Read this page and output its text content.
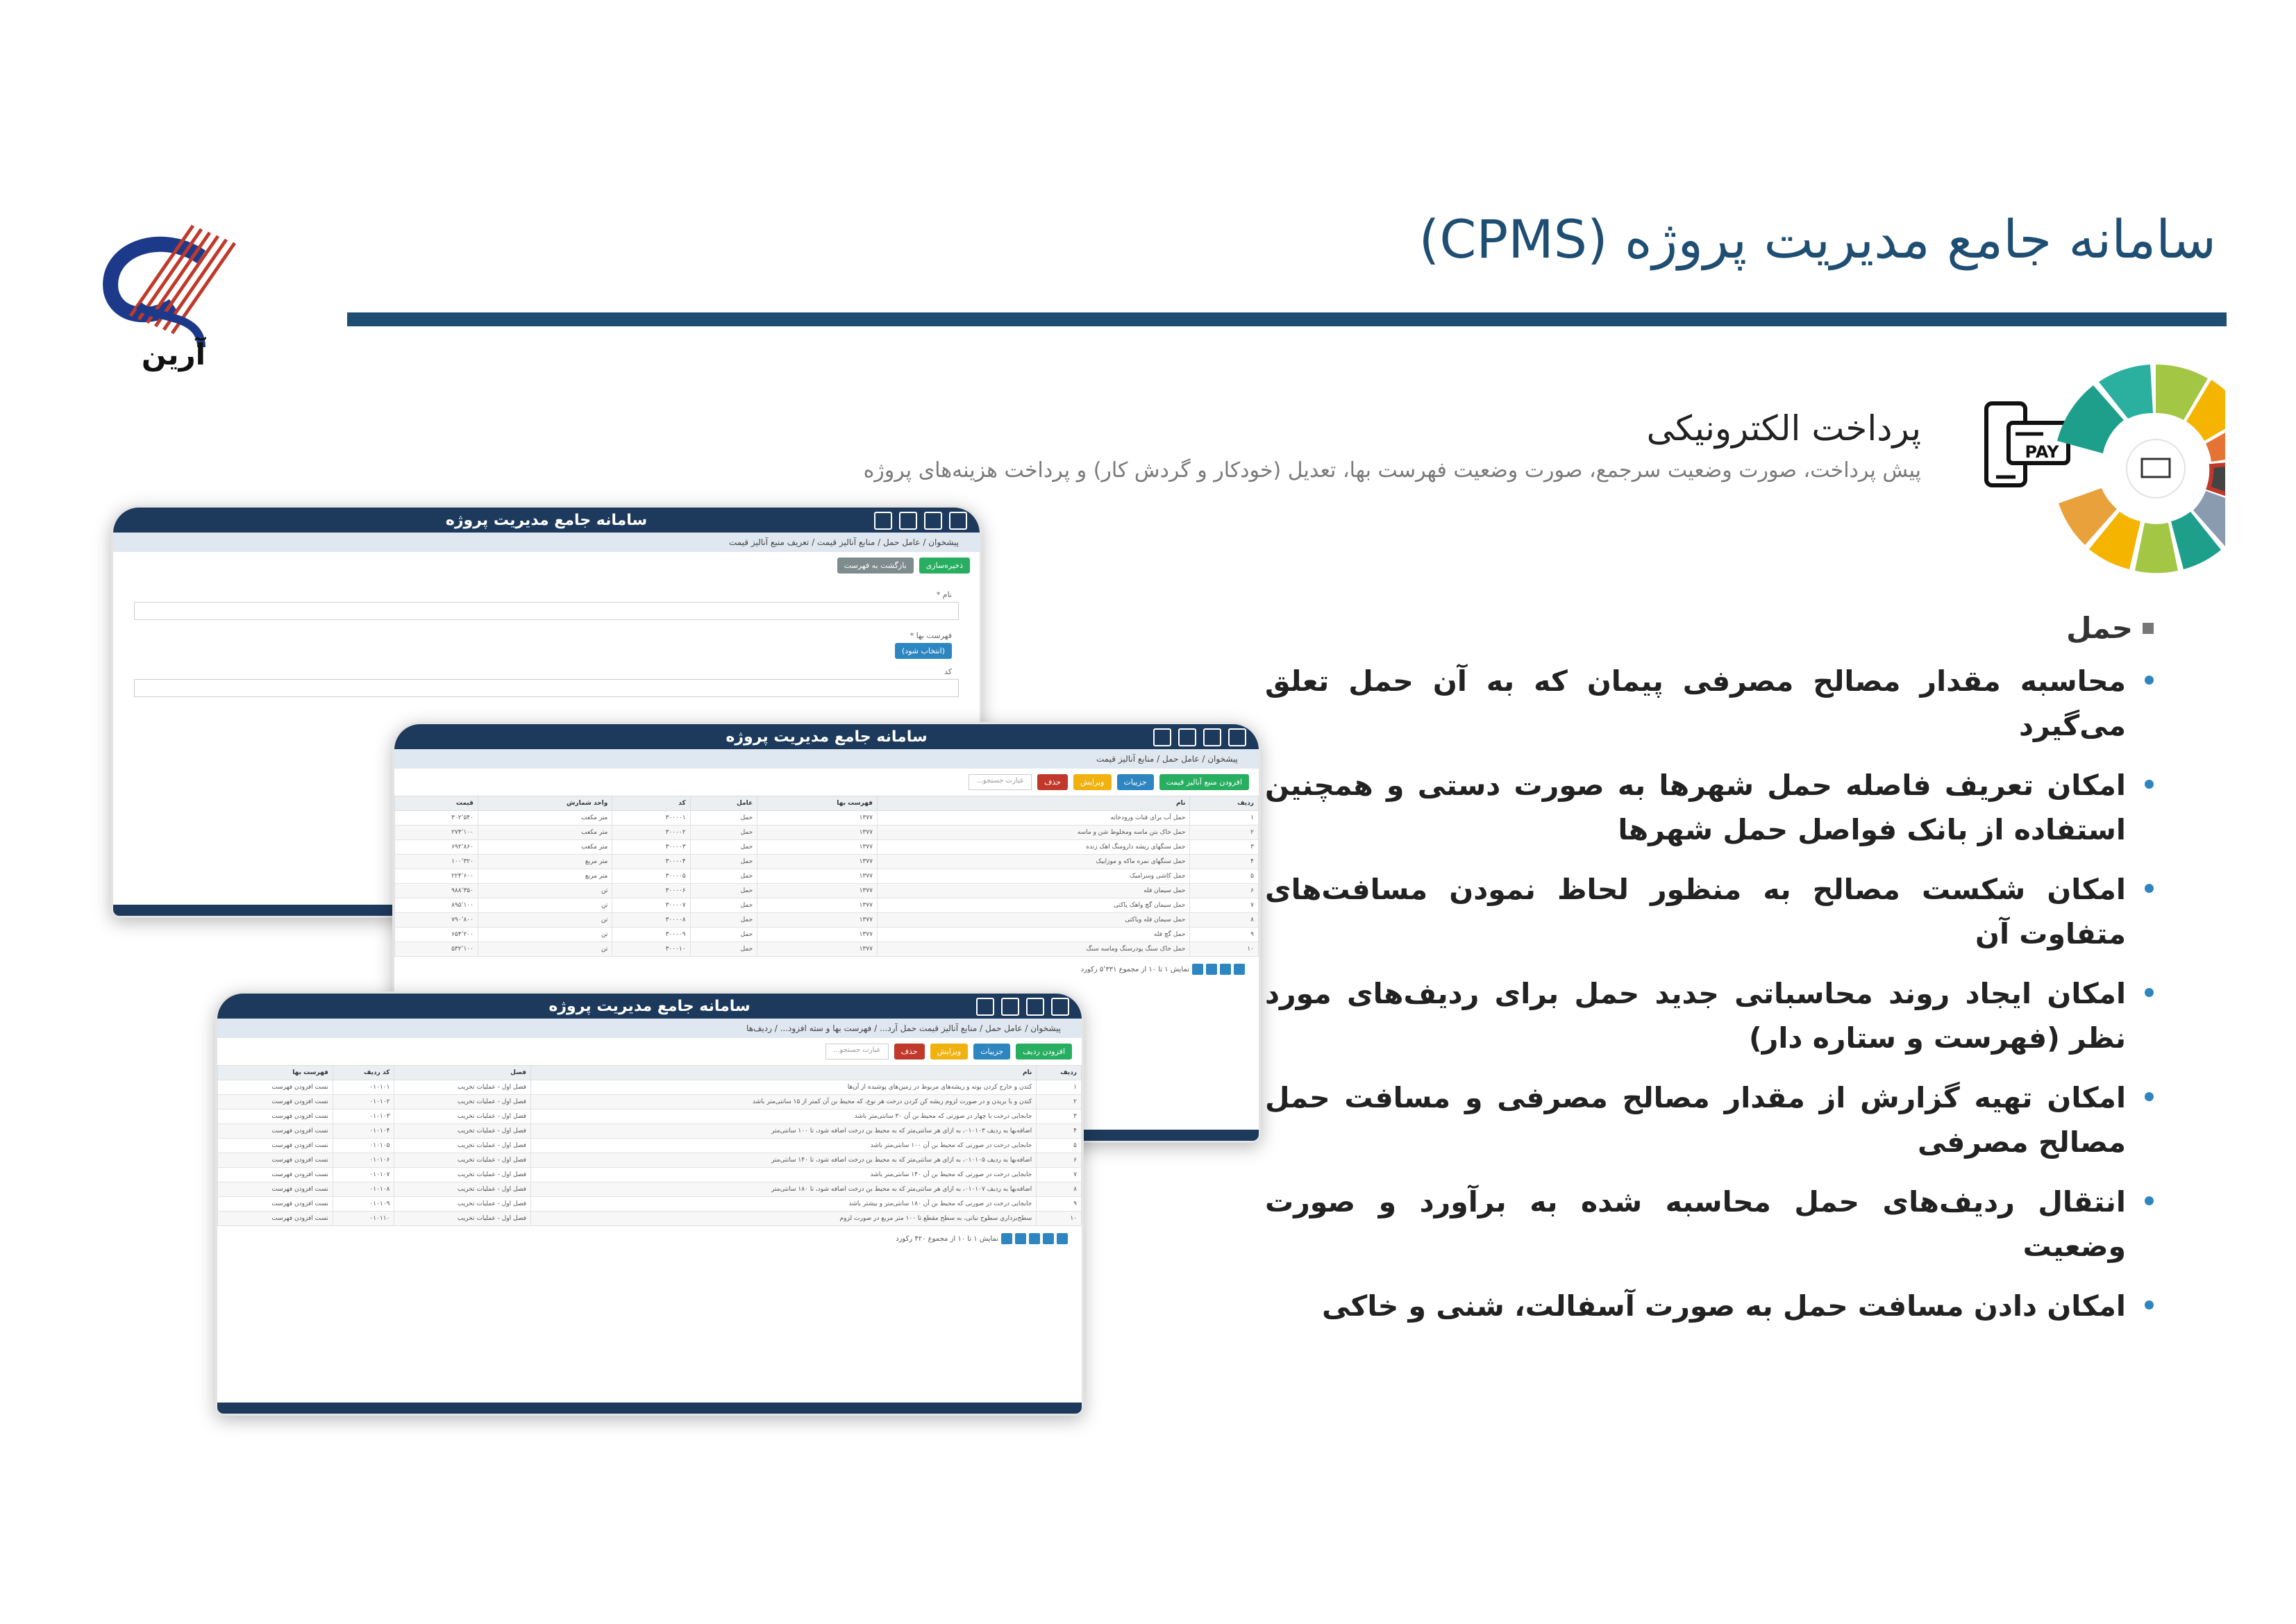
سامانه جامع مدیریت پروژه (CPMS)
آرین
پرداخت الکترونیکی
پیش پرداخت، صورت وضعیت سرجمع، صورت وضعیت فهرست بها، تعدیل (خودکار و گردش کار) و پرداخت هزینه‌های پروژه
PAY
حمل
محاسبه مقدار مصالح مصرفی پیمان که به آن حمل تعلق می‌گیرد
امکان تعریف فاصله حمل شهرها به صورت دستی و همچنین استفاده از بانک فواصل حمل شهرها
امکان شکست مصالح به منظور لحاظ نمودن مسافت‌های متفاوت آن
امکان ایجاد روند محاسباتی جدید حمل برای ردیف‌های مورد نظر (فهرست و ستاره دار)
امکان تهیه گزارش از مقدار مصالح مصرفی و مسافت حمل مصالح مصرفی
انتقال ردیف‌های حمل محاسبه شده به برآورد و صورت وضعیت
امکان دادن مسافت حمل به صورت آسفالت، شنی و خاکی
سامانه جامع مدیریت پروژه
پیشخوان / عامل حمل / منابع آنالیز قیمت / تعریف منبع آنالیز قیمت
ذخیره‌سازی
بازگشت به فهرست
نام *
فهرست بها *
(انتخاب شود)
کد
سامانه جامع مدیریت پروژه
پیشخوان / عامل حمل / منابع آنالیز قیمت
افزودن منبع آنالیز قیمت
جزییات
ویرایش
حذف
عبارت جستجو...
ردیف	نام	فهرست بها	عامل	کد	واحد شمارش	قیمت
۱	حمل آب برای قنات ورودخانه	۱۳۷۷	حمل	۳۰۰۰۰۱	متر مکعب	۳۰۲٬۵۴۰
۲	حمل خاک بتن ماسه ومخلوط شن و ماسه	۱۳۷۷	حمل	۳۰۰۰۰۲	متر مکعب	۲۷۴٬۱۰۰
۳	حمل سنگهای ریشه دارومنگ اهک زنده	۱۳۷۷	حمل	۳۰۰۰۰۳	متر مکعب	۶۹۲٬۸۶۰
۴	حمل سنگهای نمره ماکه و موزاییک	۱۳۷۷	حمل	۳۰۰۰۰۴	متر مربع	۱۰۰٬۳۲۰
۵	حمل کاشی وسرامیک	۱۳۷۷	حمل	۳۰۰۰۰۵	متر مربع	۲۲۴٬۶۰۰
۶	حمل سیمان فله	۱۳۷۷	حمل	۳۰۰۰۰۶	تن	۹۸۸٬۳۵۰
۷	حمل سیمان گچ واهک پاکتی	۱۳۷۷	حمل	۳۰۰۰۰۷	تن	۸۹۵٬۱۰۰
۸	حمل سیمان فله ویاکتی	۱۳۷۷	حمل	۳۰۰۰۰۸	تن	۷۹۰٬۸۰۰
۹	حمل گچ فله	۱۳۷۷	حمل	۳۰۰۰۰۹	تن	۶۵۴٬۲۰۰
۱۰	حمل خاک سنگ پودرسنگ وماسه سنگ	۱۳۷۷	حمل	۳۰۰۰۱۰	تن	۵۳۲٬۱۰۰
نمایش ۱ تا ۱۰ از مجموع ۵٬۳۳۱ رکورد
سامانه جامع مدیریت پروژه
پیشخوان / عامل حمل / منابع آنالیز قیمت حمل آرد... / فهرست بها و سته افزود... / ردیف‌ها
افزودن ردیف
جزییات
ویرایش
حذف
عبارت جستجو...
ردیف	نام	فصل	کد ردیف	فهرست بها
۱	کندن و خارج کردن بوته و ریشه‌های مربوط در زمین‌های پوشیده از آن‌ها	فصل اول - عملیات تخریب	۰۱۰۱۰۱	نست افزودن فهرست
۲	کندن و یا بریدن و در صورت لزوم ریشه کن کردن درخت هر نوع، که محیط بن آن کمتر از ۱۵ سانتی‌متر باشد	فصل اول - عملیات تخریب	۰۱۰۱۰۲	نست افزودن فهرست
۳	جابجایی درخت با چهار در صورتی که محیط بن آن ۳۰ سانتی‌متر باشد	فصل اول - عملیات تخریب	۰۱۰۱۰۳	نست افزودن فهرست
۴	اضافه‌بها به ردیف ۰۱۰۱۰۳، به ازای هر سانتی‌متر که به محیط بن درخت اضافه شود، تا ۱۰۰ سانتی‌متر	فصل اول - عملیات تخریب	۰۱۰۱۰۴	نست افزودن فهرست
۵	جابجایی درخت در صورتی که محیط بن آن ۱۰۰ سانتی‌متر باشد	فصل اول - عملیات تخریب	۰۱۰۱۰۵	نست افزودن فهرست
۶	اضافه‌بها به ردیف ۰۱۰۱۰۵، به ازای هر سانتی‌متر که به محیط بن درخت اضافه شود، تا ۱۴۰ سانتی‌متر	فصل اول - عملیات تخریب	۰۱۰۱۰۶	نست افزودن فهرست
۷	جابجایی درخت در صورتی که محیط بن آن ۱۴۰ سانتی‌متر باشد	فصل اول - عملیات تخریب	۰۱۰۱۰۷	نست افزودن فهرست
۸	اضافه‌بها به ردیف ۰۱۰۱۰۷، به ازای هر سانتی‌متر که به محیط بن درخت اضافه شود، تا ۱۸۰ سانتی‌متر	فصل اول - عملیات تخریب	۰۱۰۱۰۸	نست افزودن فهرست
۹	جابجایی درخت در صورتی که محیط بن آن ۱۸۰ سانتی‌متر و بیشتر باشد	فصل اول - عملیات تخریب	۰۱۰۱۰۹	نست افزودن فهرست
۱۰	سطح‌برداری سطوح نباتی، به سطح مقطع تا ۱۰۰ متر مربع در صورت لزوم	فصل اول - عملیات تخریب	۰۱۰۱۱۰	نست افزودن فهرست
نمایش ۱ تا ۱۰ از مجموع ۴۲۰ رکورد
